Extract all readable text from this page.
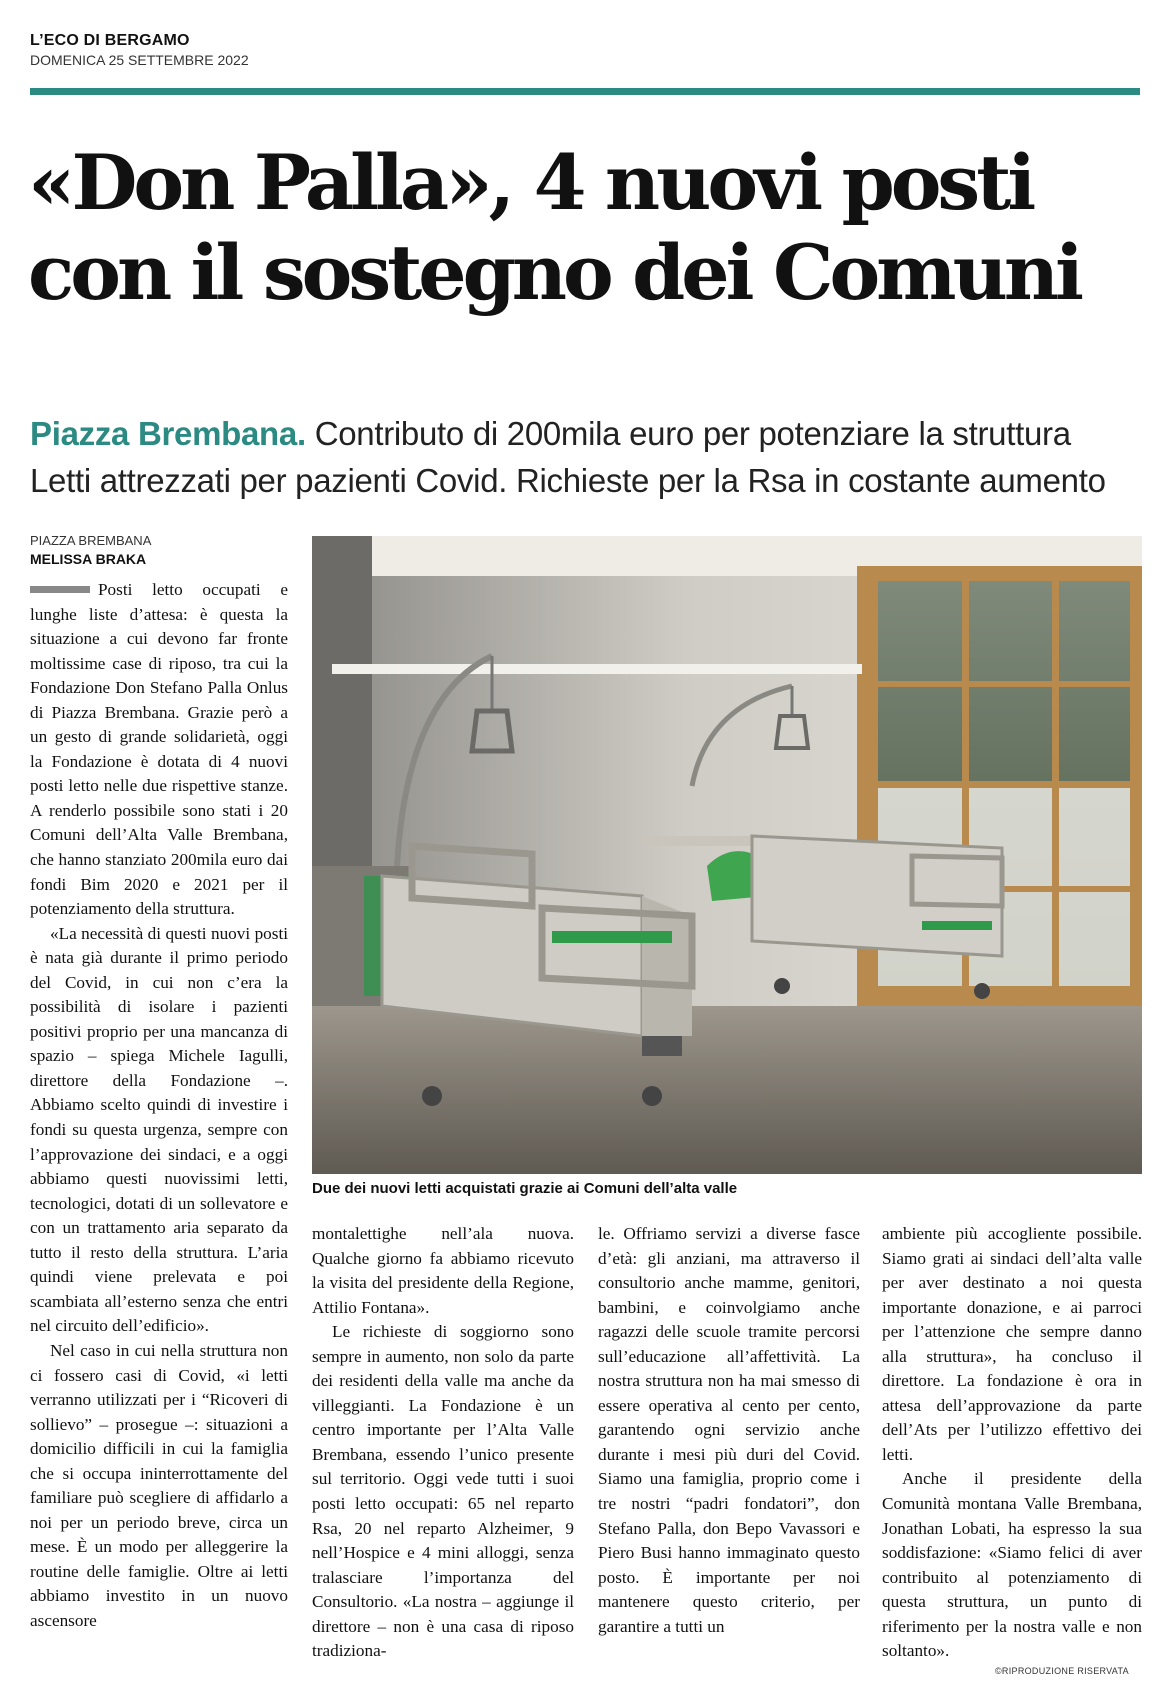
L’ECO DI BERGAMO
DOMENICA 25 SETTEMBRE 2022
«Don Palla», 4 nuovi posti
con il sostegno dei Comuni
Piazza Brembana. Contributo di 200mila euro per potenziare la struttura
Letti attrezzati per pazienti Covid. Richieste per la Rsa in costante aumento
PIAZZA BREMBANA
MELISSA BRAKA

Posti letto occupati e lunghe liste d’attesa: è questa la situazione a cui devono far fronte moltissime case di riposo, tra cui la Fondazione Don Stefano Palla Onlus di Piazza Brembana. Grazie però a un gesto di grande solidarietà, oggi la Fondazione è dotata di 4 nuovi posti letto nelle due rispettive stanze. A renderlo possibile sono stati i 20 Comuni dell’Alta Valle Brembana, che hanno stanziato 200mila euro dai fondi Bim 2020 e 2021 per il potenziamento della struttura.

«La necessità di questi nuovi posti è nata già durante il primo periodo del Covid, in cui non c’era la possibilità di isolare i pazienti positivi proprio per una mancanza di spazio – spiega Michele Iagulli, direttore della Fondazione –. Abbiamo scelto quindi di investire i fondi su questa urgenza, sempre con l’approvazione dei sindaci, e a oggi abbiamo questi nuovissimi letti, tecnologici, dotati di un sollevatore e con un trattamento aria separato da tutto il resto della struttura. L’aria quindi viene prelevata e poi scambiata all’esterno senza che entri nel circuito dell’edificio».

Nel caso in cui nella struttura non ci fossero casi di Covid, «i letti verranno utilizzati per i “Ricoveri di sollievo” – prosegue –: situazioni a domicilio difficili in cui la famiglia che si occupa ininterrottamente del familiare può scegliere di affidarlo a noi per un periodo breve, circa un mese. È un modo per alleggerire la routine delle famiglie. Oltre ai letti abbiamo investito in un nuovo ascensore

Due dei nuovi letti acquistati grazie ai Comuni dell’alta valle

montalettighe nell’ala nuova. Qualche giorno fa abbiamo ricevuto la visita del presidente della Regione, Attilio Fontana».

Le richieste di soggiorno sono sempre in aumento, non solo da parte dei residenti della valle ma anche da villeggianti. La Fondazione è un centro importante per l’Alta Valle Brembana, essendo l’unico presente sul territorio. Oggi vede tutti i suoi posti letto occupati: 65 nel reparto Rsa, 20 nel reparto Alzheimer, 9 nell’Hospice e 4 mini alloggi, senza tralasciare l’importanza del Consultorio. «La nostra – aggiunge il direttore – non è una casa di riposo tradiziona-

le. Offriamo servizi a diverse fasce d’età: gli anziani, ma attraverso il consultorio anche mamme, genitori, bambini, e coinvolgiamo anche ragazzi delle scuole tramite percorsi sull’educazione all’affettività. La nostra struttura non ha mai smesso di essere operativa al cento per cento, garantendo ogni servizio anche durante i mesi più duri del Covid. Siamo una famiglia, proprio come i tre nostri “padri fondatori”, don Stefano Palla, don Bepo Vavassori e Piero Busi hanno immaginato questo posto. È importante per noi mantenere questo criterio, per garantire a tutti un

ambiente più accogliente possibile. Siamo grati ai sindaci dell’alta valle per aver destinato a noi questa importante donazione, e ai parroci per l’attenzione che sempre danno alla struttura», ha concluso il direttore. La fondazione è ora in attesa dell’approvazione da parte dell’Ats per l’utilizzo effettivo dei letti.

Anche il presidente della Comunità montana Valle Brembana, Jonathan Lobati, ha espresso la sua soddisfazione: «Siamo felici di aver contribuito al potenziamento di questa struttura, un punto di riferimento per la nostra valle e non soltanto».

©RIPRODUZIONE RISERVATA
